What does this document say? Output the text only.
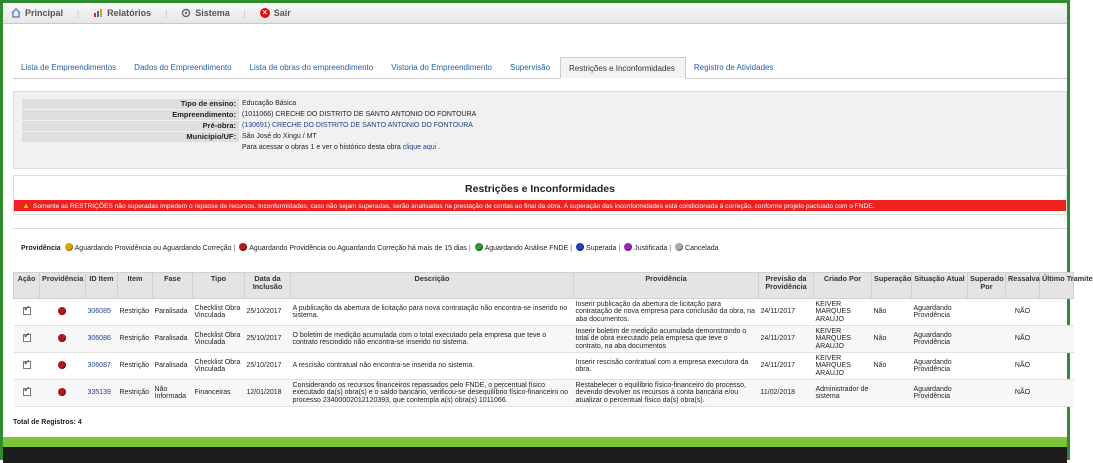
Principal |	Relatórios |	Sistema |	× Sair
Lista de Empreendimentos	Dados do Empreendimento	Lista de obras do empreendimento	Vistoria do Empreendimento	Supervisão	Restrições e Inconformidades	Registro de Atividades
Tipo de ensino: Educação Básica
Empreendimento: (1011066) CRECHE DO DISTRITO DE SANTO ANTONIO DO FONTOURA
Pré-obra: (130691) CRECHE DO DISTRITO DE SANTO ANTONIO DO FONTOURA
Município/UF: São José do Xingu / MT
Para acessar o obras 1 e ver o histórico desta obra clique aqui .
Restrições e Inconformidades
▲ Somente as RESTRIÇÕES não superadas impedem o repasse de recursos. Inconformidades, caso não sejam superadas, serão analisadas na prestação de contas ao final da obra. A superação das inconformidades está condicionada à correção, conforme projeto pactuado com o FNDE.
Providência Aguardando Providência ou Aguardando Correção | Aguardando Providência ou Aguardando Correção há mais de 15 dias | Aguardando Análise FNDE | Superada | Justificada | Cancelada
Ação	Providência	ID Item	Item	Fase	Tipo	Data da Inclusão	Descrição	Providência	Previsão da Providência	Criado Por	Superação	Situação Atual	Superado Por	Ressalva	Último Tramite
✔		306085	Restrição	Paralisada	Checklist Obra Vinculada	25/10/2017	A publicação da abertura de licitação para nova contratação não encontra-se inserido no sistema.	Inserir publicação da abertura de licitação para contratação de nova empresa para conclusão da obra, na aba documentos.	24/11/2017	KEIVER MARQUES ARAUJO	Não	Aguardando Providência		NÃO	
✔		306086	Restrição	Paralisada	Checklist Obra Vinculada	25/10/2017	O boletim de medição acumulada com o total executado pela empresa que teve o contrato rescindido não encontra-se inserido no sistema.	Inserir boletim de medição acumulada demonstrando o total de obra executado pela empresa que teve o contrato, na aba documentos	24/11/2017	KEIVER MARQUES ARAUJO	Não	Aguardando Providência		NÃO	
✔		306087	Restrição	Paralisada	Checklist Obra Vinculada	25/10/2017	A rescisão contratual não encontra-se inserida no sistema.	Inserir rescisão contratual com a empresa executora da obra.	24/11/2017	KEIVER MARQUES ARAUJO	Não	Aguardando Providência		NÃO	
✔		335139	Restrição	Não Informada	Financeiras	12/01/2018	Considerando os recursos financeiros repassados pelo FNDE, o percentual físico executado da(s) obra(s) e o saldo bancário, verificou-se desequilíbrio físico-financeiro no processo 23400002012120393, que contempla a(s) obra(s) 1011066.	Restabelecer o equilíbrio físico-financeiro do processo, devendo devolver os recursos à conta bancária e/ou atualizar o percentual físico da(s) obra(s).	11/02/2018	Administrador de sistema		Aguardando Providência		NÃO	
Total de Registros: 4
